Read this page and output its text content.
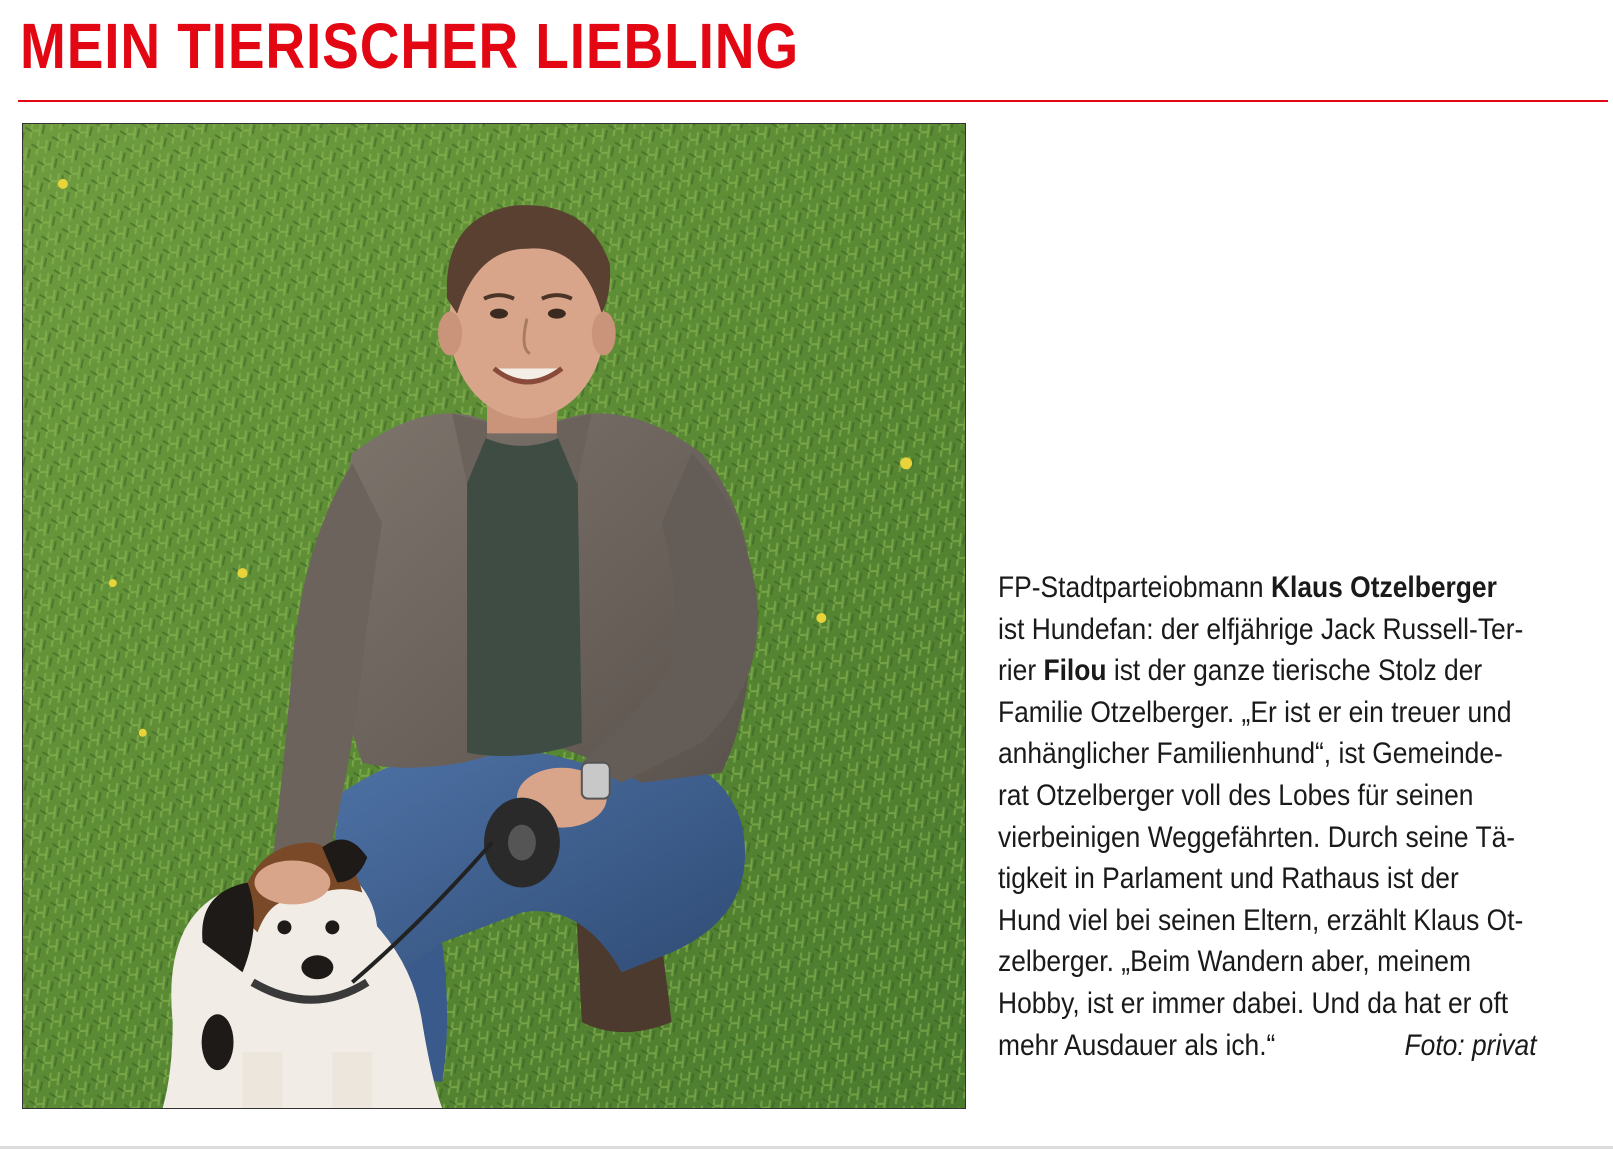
MEIN TIERISCHER LIEBLING
FP-Stadtparteiobmann Klaus Otzelberger
ist Hundefan: der elfjährige Jack Russell-Ter-
rier Filou ist der ganze tierische Stolz der
Familie Otzelberger. „Er ist er ein treuer und
anhänglicher Familienhund“, ist Gemeinde-
rat Otzelberger voll des Lobes für seinen
vierbeinigen Weggefährten. Durch seine Tä-
tigkeit in Parlament und Rathaus ist der
Hund viel bei seinen Eltern, erzählt Klaus Ot-
zelberger. „Beim Wandern aber, meinem
Hobby, ist er immer dabei. Und da hat er oft
mehr Ausdauer als ich.“	Foto: privat
